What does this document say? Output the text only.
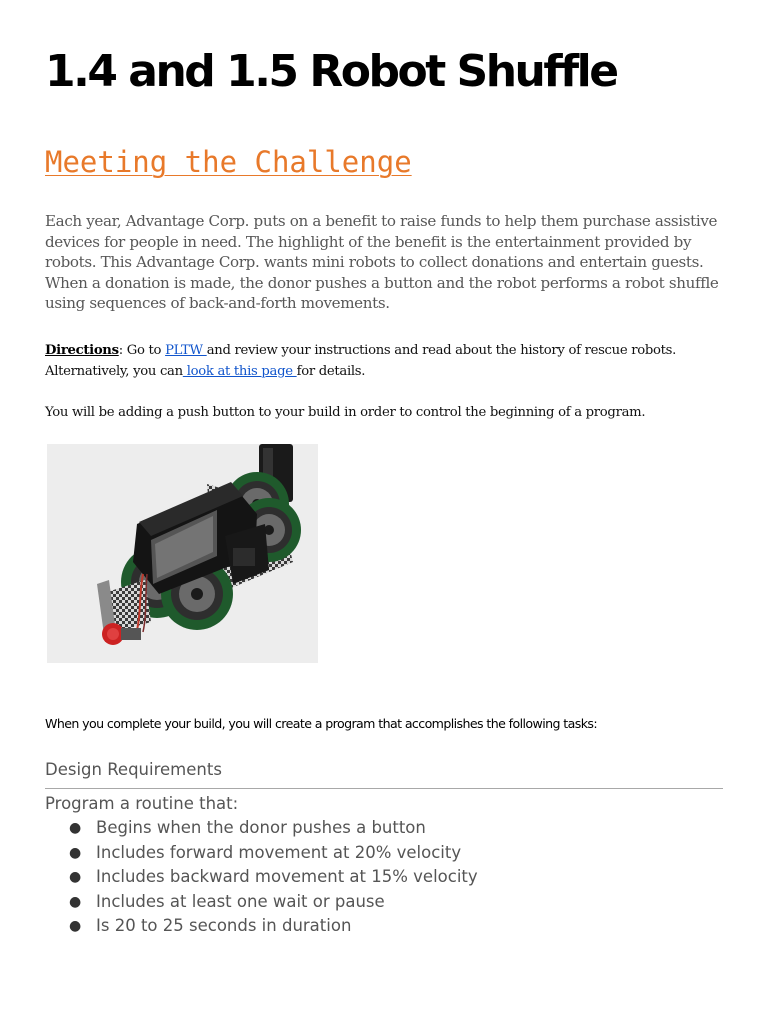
1.4 and 1.5 Robot Shuffle
Meeting the Challenge

Each year, Advantage Corp. puts on a benefit to raise funds to help them purchase assistive devices for people in need. The highlight of the benefit is the entertainment provided by robots. This Advantage Corp. wants mini robots to collect donations and entertain guests. When a donation is made, the donor pushes a button and the robot performs a robot shuffle using sequences of back-and-forth movements.

Directions: Go to PLTW and review your instructions and read about the history of rescue robots. Alternatively, you can look at this page for details.

You will be adding a push button to your build in order to control the beginning of a program.

When you complete your build, you will create a program that accomplishes the following tasks:

Design Requirements

Program a routine that:

● Begins when the donor pushes a button
● Includes forward movement at 20% velocity
● Includes backward movement at 15% velocity
● Includes at least one wait or pause
● Is 20 to 25 seconds in duration
